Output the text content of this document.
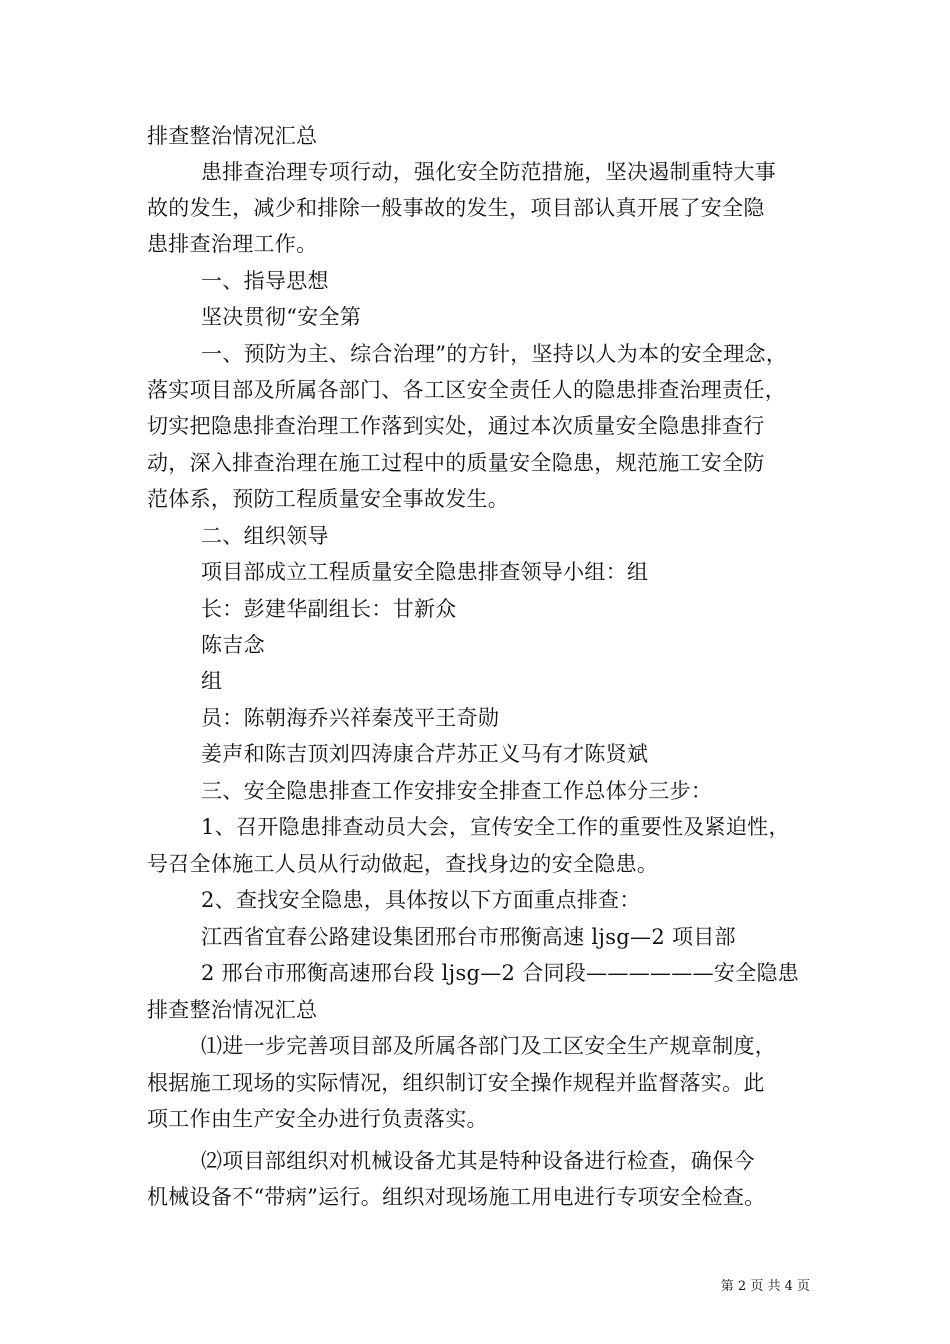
排查整治情况汇总
患排查治理专项行动，强化安全防范措施，坚决遏制重特大事
故的发生，减少和排除一般事故的发生，项目部认真开展了安全隐
患排查治理工作。
一、指导思想
坚决贯彻“安全第
一、预防为主、综合治理”的方针，坚持以人为本的安全理念，
落实项目部及所属各部门、各工区安全责任人的隐患排查治理责任，
切实把隐患排查治理工作落到实处，通过本次质量安全隐患排查行
动，深入排查治理在施工过程中的质量安全隐患，规范施工安全防
范体系，预防工程质量安全事故发生。
二、组织领导
项目部成立工程质量安全隐患排查领导小组：组
长：彭建华副组长：甘新众
陈吉念
组
员：陈朝海乔兴祥秦茂平王奇勋
姜声和陈吉顶刘四涛康合芹苏正义马有才陈贤斌
三、安全隐患排查工作安排安全排查工作总体分三步：
1、召开隐患排查动员大会，宣传安全工作的重要性及紧迫性，
号召全体施工人员从行动做起，查找身边的安全隐患。
2、查找安全隐患，具体按以下方面重点排查：
江西省宜春公路建设集团邢台市邢衡高速 ljsg—2 项目部
2 邢台市邢衡高速邢台段 ljsg—2 合同段——————安全隐患
排查整治情况汇总
⑴进一步完善项目部及所属各部门及工区安全生产规章制度，
根据施工现场的实际情况，组织制订安全操作规程并监督落实。此
项工作由生产安全办进行负责落实。
⑵项目部组织对机械设备尤其是特种设备进行检查，确保今
机械设备不“带病”运行。组织对现场施工用电进行专项安全检查。
第 2 页 共 4 页
